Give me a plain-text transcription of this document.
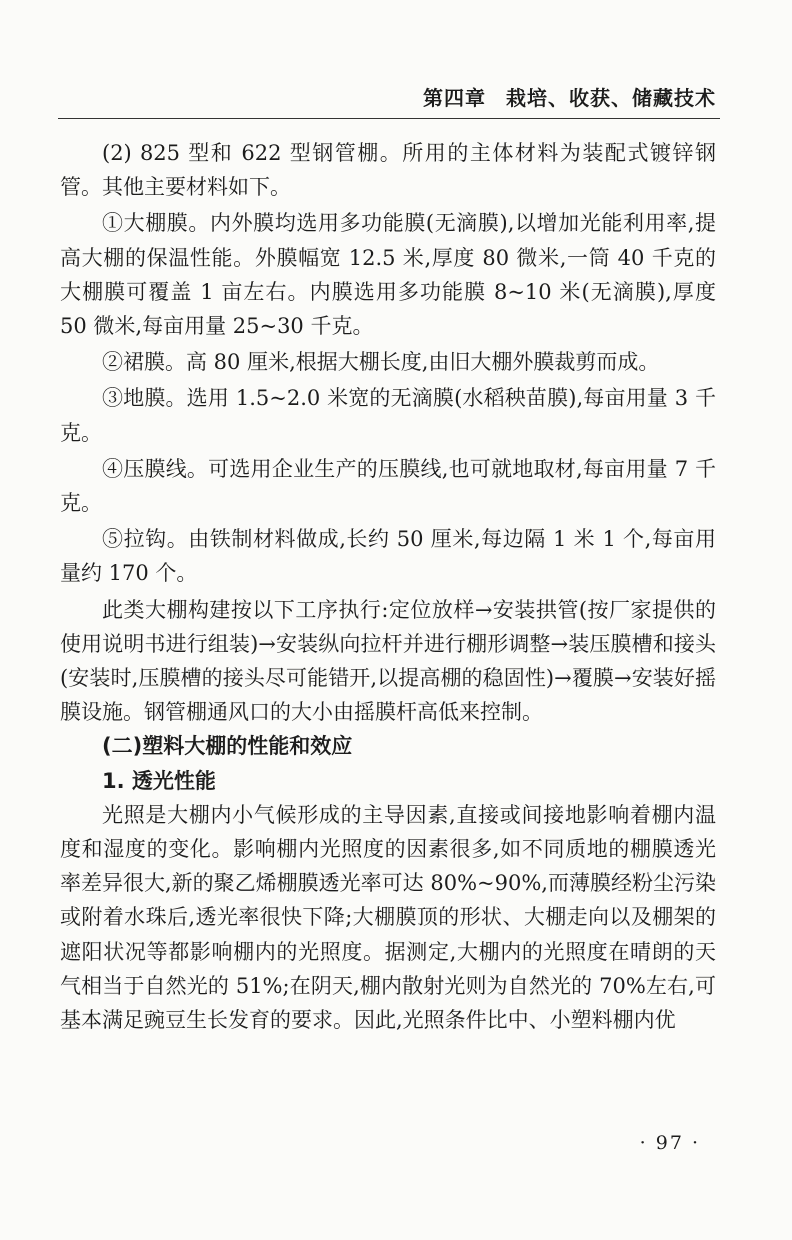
第四章 栽培、收获、储藏技术

(2) 825 型和 622 型钢管棚。所用的主体材料为装配式镀锌钢管。其他主要材料如下。

①大棚膜。内外膜均选用多功能膜(无滴膜),以增加光能利用率,提高大棚的保温性能。外膜幅宽 12.5 米,厚度 80 微米,一筒 40 千克的大棚膜可覆盖 1 亩左右。内膜选用多功能膜 8~10 米(无滴膜),厚度 50 微米,每亩用量 25~30 千克。

②裙膜。高 80 厘米,根据大棚长度,由旧大棚外膜裁剪而成。

③地膜。选用 1.5~2.0 米宽的无滴膜(水稻秧苗膜),每亩用量 3 千克。

④压膜线。可选用企业生产的压膜线,也可就地取材,每亩用量 7 千克。

⑤拉钩。由铁制材料做成,长约 50 厘米,每边隔 1 米 1 个,每亩用量约 170 个。

此类大棚构建按以下工序执行:定位放样→安装拱管(按厂家提供的使用说明书进行组装)→安装纵向拉杆并进行棚形调整→装压膜槽和接头(安装时,压膜槽的接头尽可能错开,以提高棚的稳固性)→覆膜→安装好摇膜设施。钢管棚通风口的大小由摇膜杆高低来控制。

(二)塑料大棚的性能和效应
1. 透光性能

光照是大棚内小气候形成的主导因素,直接或间接地影响着棚内温度和湿度的变化。影响棚内光照度的因素很多,如不同质地的棚膜透光率差异很大,新的聚乙烯棚膜透光率可达 80%~90%,而薄膜经粉尘污染或附着水珠后,透光率很快下降;大棚膜顶的形状、大棚走向以及棚架的遮阳状况等都影响棚内的光照度。据测定,大棚内的光照度在晴朗的天气相当于自然光的 51%;在阴天,棚内散射光则为自然光的 70%左右,可基本满足豌豆生长发育的要求。因此,光照条件比中、小塑料棚内优

· 97 ·
